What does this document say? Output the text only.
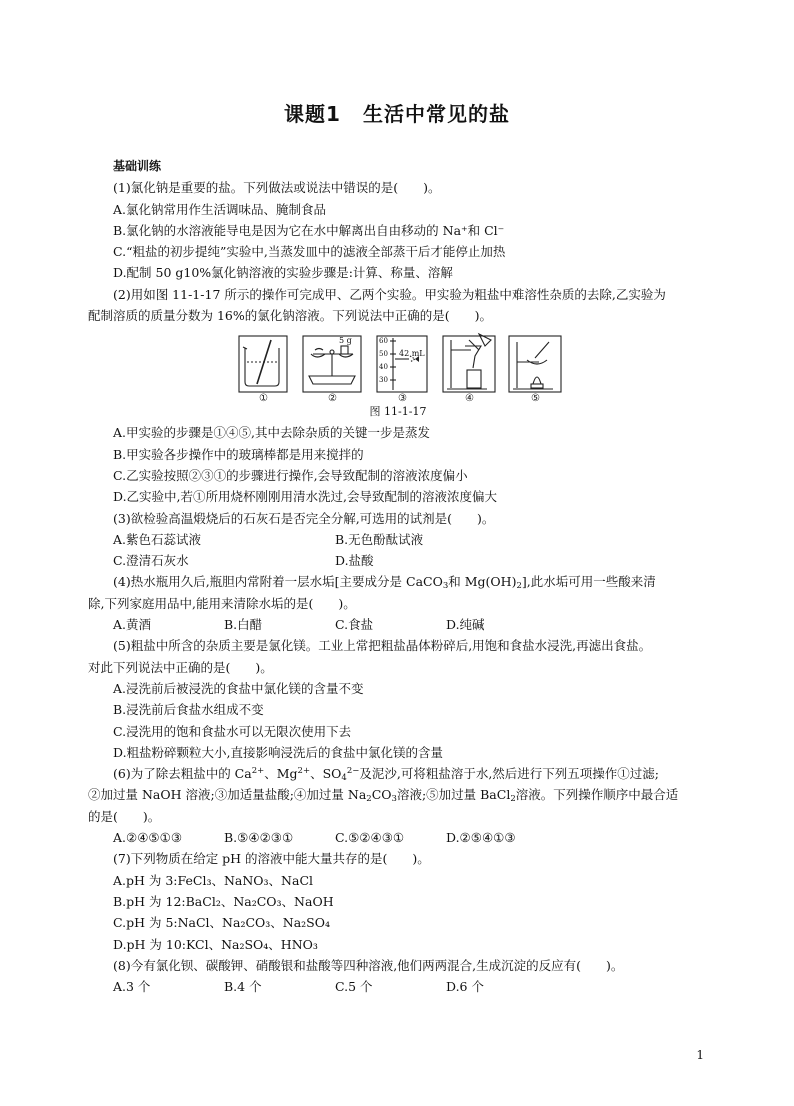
课题1 生活中常见的盐
基础训练
(1)氯化钠是重要的盐。下列做法或说法中错误的是(　　)。
A.氯化钠常用作生活调味品、腌制食品
B.氯化钠的水溶液能导电是因为它在水中解离出自由移动的 Na⁺和 Cl⁻
C.“粗盐的初步提纯”实验中,当蒸发皿中的滤液全部蒸干后才能停止加热
D.配制 50 g10%氯化钠溶液的实验步骤是:计算、称量、溶解
(2)用如图 11-1-17 所示的操作可完成甲、乙两个实验。甲实验为粗盐中难溶性杂质的去除,乙实验为
配制溶质的质量分数为 16%的氯化钠溶液。下列说法中正确的是(　　)。
①	②	③	④	⑤
5 g
42 mL
60
50
40
30
图 11-1-17
A.甲实验的步骤是①④⑤,其中去除杂质的关键一步是蒸发
B.甲实验各步操作中的玻璃棒都是用来搅拌的
C.乙实验按照②③①的步骤进行操作,会导致配制的溶液浓度偏小
D.乙实验中,若①所用烧杯刚刚用清水洗过,会导致配制的溶液浓度偏大
(3)欲检验高温煅烧后的石灰石是否完全分解,可选用的试剂是(　　)。
A.紫色石蕊试液	B.无色酚酞试液
C.澄清石灰水	D.盐酸
(4)热水瓶用久后,瓶胆内常附着一层水垢[主要成分是 CaCO$_3$和 $Mg(OH)_2$],此水垢可用一些酸来清
除,下列家庭用品中,能用来清除水垢的是(　　)。
A.黄酒	B.白醋	C.食盐	D.纯碱
(5)粗盐中所含的杂质主要是氯化镁。工业上常把粗盐晶体粉碎后,用饱和食盐水浸洗,再滤出食盐。
对此下列说法中正确的是(　　)。
A.浸洗前后被浸洗的食盐中氯化镁的含量不变
B.浸洗前后食盐水组成不变
C.浸洗用的饱和食盐水可以无限次使用下去
D.粗盐粉碎颗粒大小,直接影响浸洗后的食盐中氯化镁的含量
(6)为了除去粗盐中的 $Ca^{2+}$、$Mg^{2+}$、$SO_4^{2-}$及泥沙,可将粗盐溶于水,然后进行下列五项操作①过滤;
②加过量 NaOH 溶液;③加适量盐酸;④加过量 $Na_2CO_3$溶液;⑤加过量 BaCl$_2$溶液。下列操作顺序中最合适
的是(　　)。
A.②④⑤①③	B.⑤④②③①	C.⑤②④③①	D.②⑤④①③
(7)下列物质在给定 pH 的溶液中能大量共存的是(　　)。
A.pH 为 3:FeCl₃、NaNO₃、NaCl
B.pH 为 12:BaCl₂、Na₂CO₃、NaOH
C.pH 为 5:NaCl、Na₂CO₃、Na₂SO₄
D.pH 为 10:KCl、Na₂SO₄、HNO₃
(8)今有氯化钡、碳酸钾、硝酸银和盐酸等四种溶液,他们两两混合,生成沉淀的反应有(　　)。
A.3 个	B.4 个	C.5 个	D.6 个
1
